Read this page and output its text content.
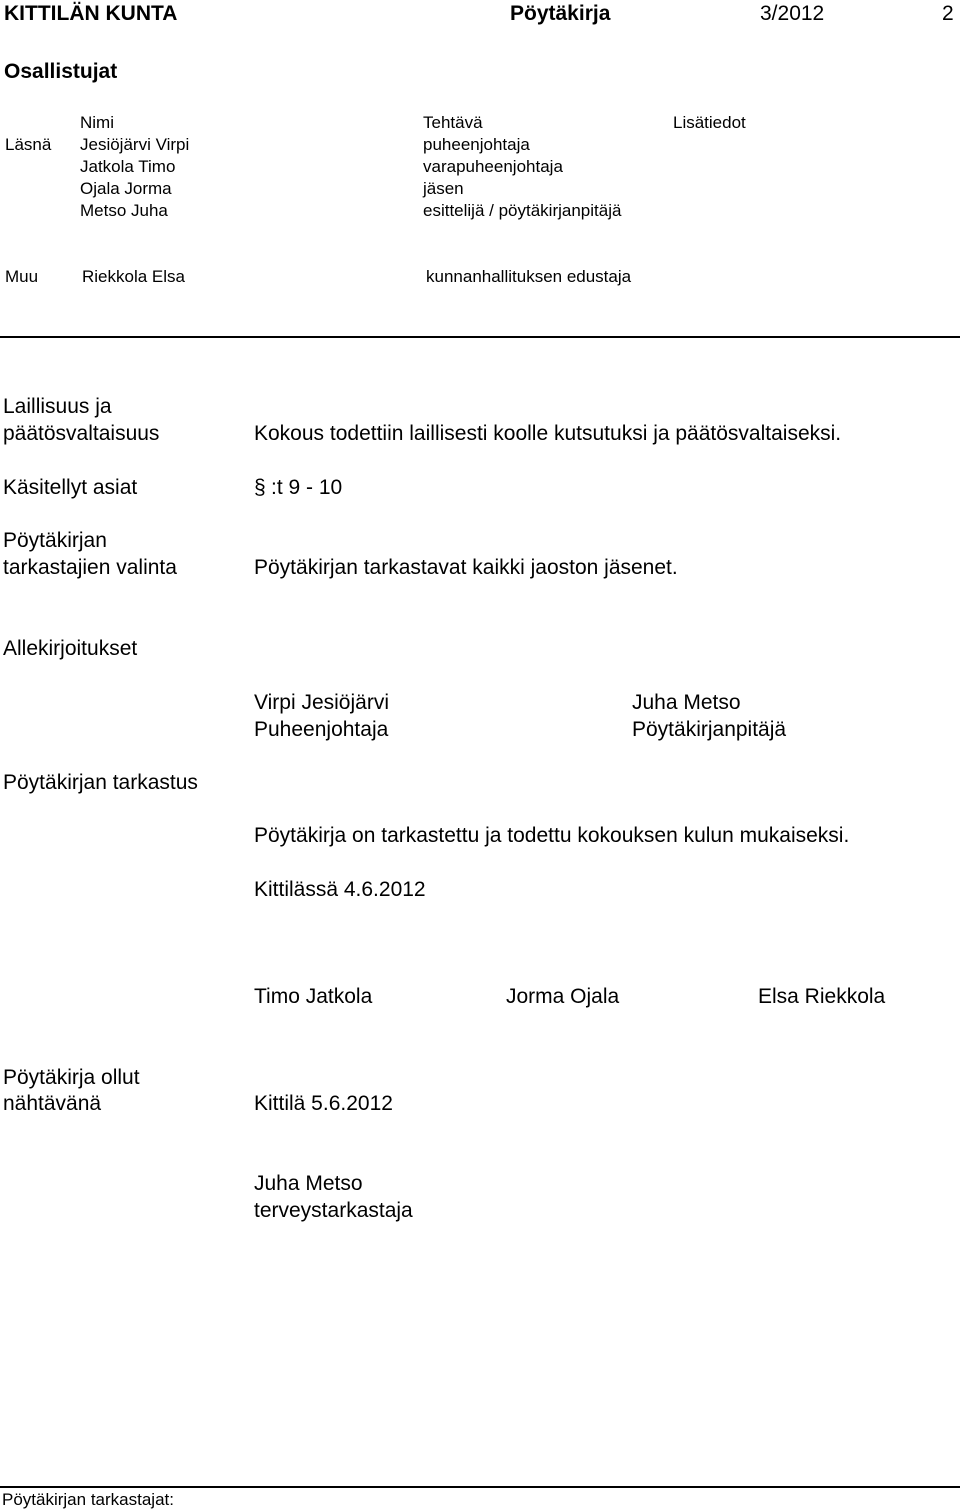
KITTILÄN KUNTA	Pöytäkirja	3/2012	2
Osallistujat
Nimi	Tehtävä	Lisätiedot
Läsnä Jesiöjärvi Virpi	puheenjohtaja
Jatkola Timo	varapuheenjohtaja
Ojala Jorma	jäsen
Metso Juha	esittelijä / pöytäkirjanpitäjä
Muu	Riekkola Elsa	kunnanhallituksen edustaja
Laillisuus ja
päätösvaltaisuus	Kokous todettiin laillisesti koolle kutsutuksi ja päätösvaltaiseksi.
Käsitellyt asiat	§ :t 9 - 10
Pöytäkirjan
tarkastajien valinta	Pöytäkirjan tarkastavat kaikki jaoston jäsenet.
Allekirjoitukset
Virpi Jesiöjärvi
Puheenjohtaja
Juha Metso
Pöytäkirjanpitäjä
Pöytäkirjan tarkastus
Pöytäkirja on tarkastettu ja todettu kokouksen kulun mukaiseksi.
Kittilässä 4.6.2012
Timo Jatkola	Jorma Ojala	Elsa Riekkola
Pöytäkirja ollut
nähtävänä	Kittilä 5.6.2012
Juha Metso
terveystarkastaja
Pöytäkirjan tarkastajat:
